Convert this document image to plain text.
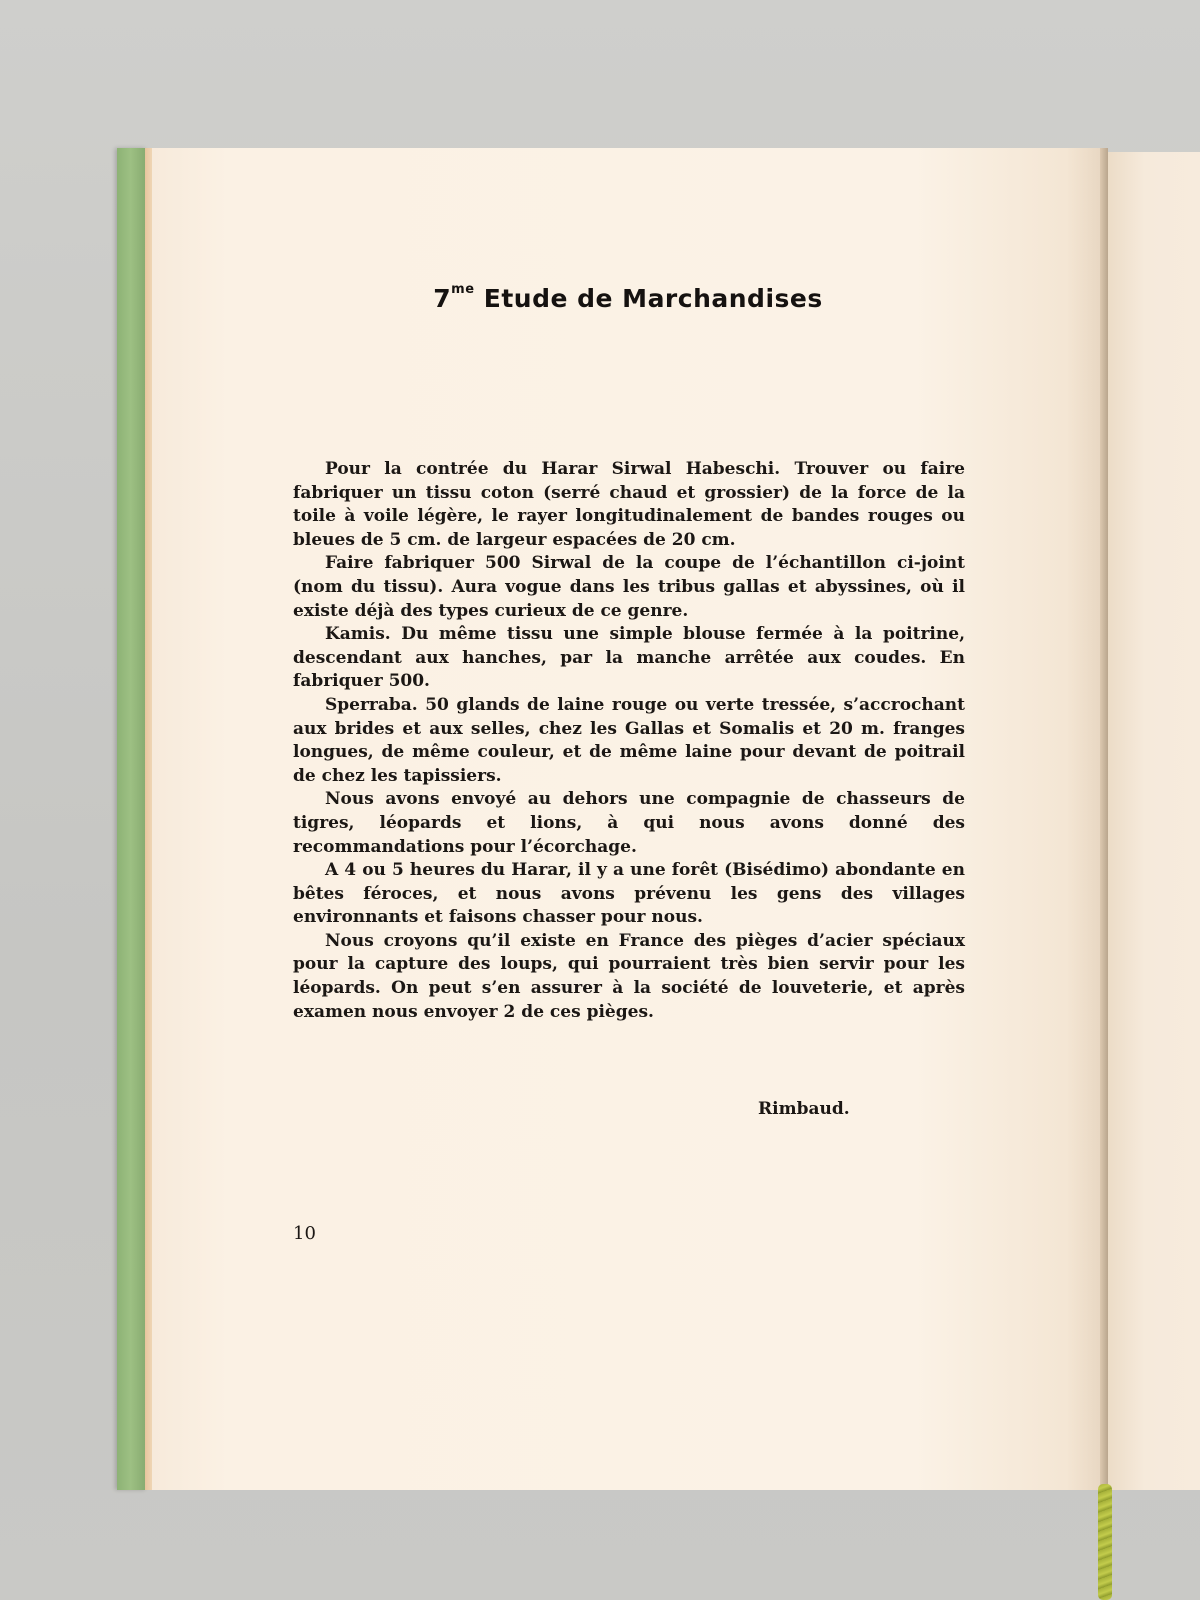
$7^{me}$ Etude de Marchandises

Pour la contrée du Harar Sirwal Habeschi. Trouver ou faire fabriquer un tissu coton (serré chaud et grossier) de la force de la toile à voile légère, le rayer longitudinalement de bandes rouges ou bleues de 5 cm. de largeur espacées de 20 cm.

Faire fabriquer 500 Sirwal de la coupe de l’échantillon ci-joint (nom du tissu). Aura vogue dans les tribus gallas et abyssines, où il existe déjà des types curieux de ce genre.

Kamis. Du même tissu une simple blouse fermée à la poitrine, descendant aux hanches, par la manche arrêtée aux coudes. En fabriquer 500.

Sperraba. 50 glands de laine rouge ou verte tressée, s’accrochant aux brides et aux selles, chez les Gallas et Somalis et 20 m. franges longues, de même couleur, et de même laine pour devant de poitrail de chez les tapissiers.

Nous avons envoyé au dehors une compagnie de chasseurs de tigres, léopards et lions, à qui nous avons donné des recommandations pour l’écorchage.

A 4 ou 5 heures du Harar, il y a une forêt (Bisédimo) abondante en bêtes féroces, et nous avons prévenu les gens des villages environnants et faisons chasser pour nous.

Nous croyons qu’il existe en France des pièges d’acier spéciaux pour la capture des loups, qui pourraient très bien servir pour les léopards. On peut s’en assurer à la société de louveterie, et après examen nous envoyer 2 de ces pièges.

Rimbaud.
10
